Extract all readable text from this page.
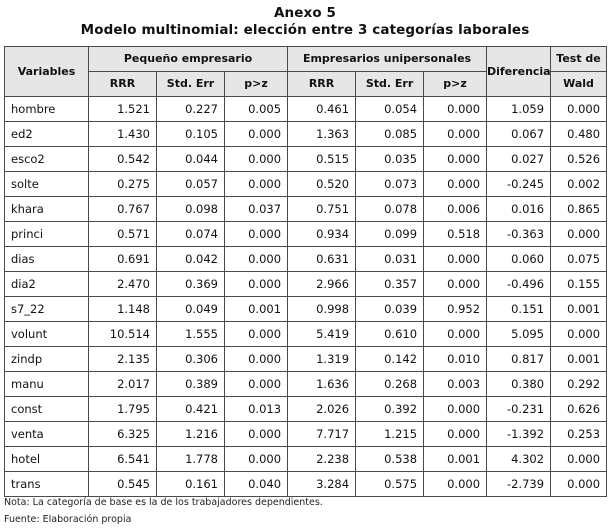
Anexo 5
Modelo multinomial: elección entre 3 categorías laborales
Variables	Pequeño empresario			Empresarios unipersonales			Diferencia	Test de
	RRR	Std. Err	p>z	RRR	Std. Err	p>z		Wald
hombre	1.521	0.227	0.005	0.461	0.054	0.000	1.059	0.000
ed2	1.430	0.105	0.000	1.363	0.085	0.000	0.067	0.480
esco2	0.542	0.044	0.000	0.515	0.035	0.000	0.027	0.526
solte	0.275	0.057	0.000	0.520	0.073	0.000	-0.245	0.002
khara	0.767	0.098	0.037	0.751	0.078	0.006	0.016	0.865
princi	0.571	0.074	0.000	0.934	0.099	0.518	-0.363	0.000
dias	0.691	0.042	0.000	0.631	0.031	0.000	0.060	0.075
dia2	2.470	0.369	0.000	2.966	0.357	0.000	-0.496	0.155
s7_22	1.148	0.049	0.001	0.998	0.039	0.952	0.151	0.001
volunt	10.514	1.555	0.000	5.419	0.610	0.000	5.095	0.000
zindp	2.135	0.306	0.000	1.319	0.142	0.010	0.817	0.001
manu	2.017	0.389	0.000	1.636	0.268	0.003	0.380	0.292
const	1.795	0.421	0.013	2.026	0.392	0.000	-0.231	0.626
venta	6.325	1.216	0.000	7.717	1.215	0.000	-1.392	0.253
hotel	6.541	1.778	0.000	2.238	0.538	0.001	4.302	0.000
trans	0.545	0.161	0.040	3.284	0.575	0.000	-2.739	0.000
Nota: La categoría de base es la de los trabajadores dependientes.
Fuente: Elaboración propia
